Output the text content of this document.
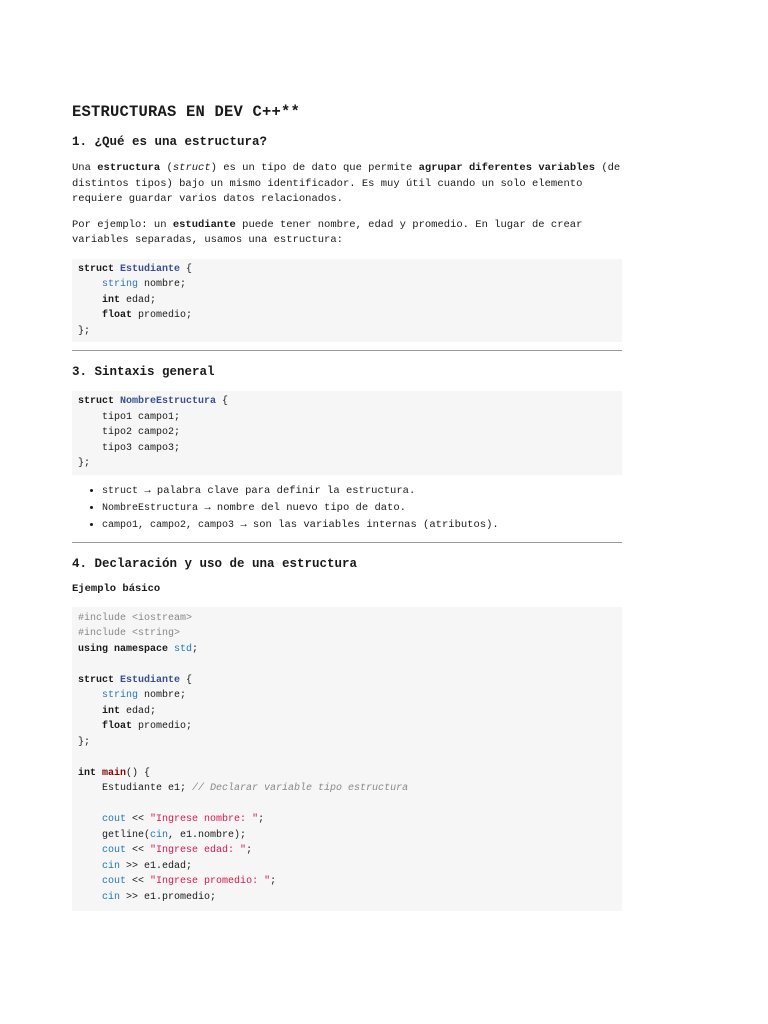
ESTRUCTURAS EN DEV C++**
1. ¿Qué es una estructura?

Una estructura (struct) es un tipo de dato que permite agrupar diferentes variables (de distintos tipos) bajo un mismo identificador. Es muy útil cuando un solo elemento requiere guardar varios datos relacionados.

Por ejemplo: un estudiante puede tener nombre, edad y promedio. En lugar de crear variables separadas, usamos una estructura:

struct Estudiante {
string nombre;
int edad;
float promedio;
};
3. Sintaxis general
struct NombreEstructura {
tipo1 campo1;
tipo2 campo2;
tipo3 campo3;
};
• struct → palabra clave para definir la estructura.
• NombreEstructura → nombre del nuevo tipo de dato.
• campo1, campo2, campo3 → son las variables internas (atributos).
4. Declaración y uso de una estructura
Ejemplo básico
#include <iostream>
#include <string>
using namespace std;

struct Estudiante {
string nombre;
int edad;
float promedio;
};

int main() {
Estudiante e1; // Declarar variable tipo estructura

cout << "Ingrese nombre: ";
getline(cin, e1.nombre);
cout << "Ingrese edad: ";
cin >> e1.edad;
cout << "Ingrese promedio: ";
cin >> e1.promedio;
